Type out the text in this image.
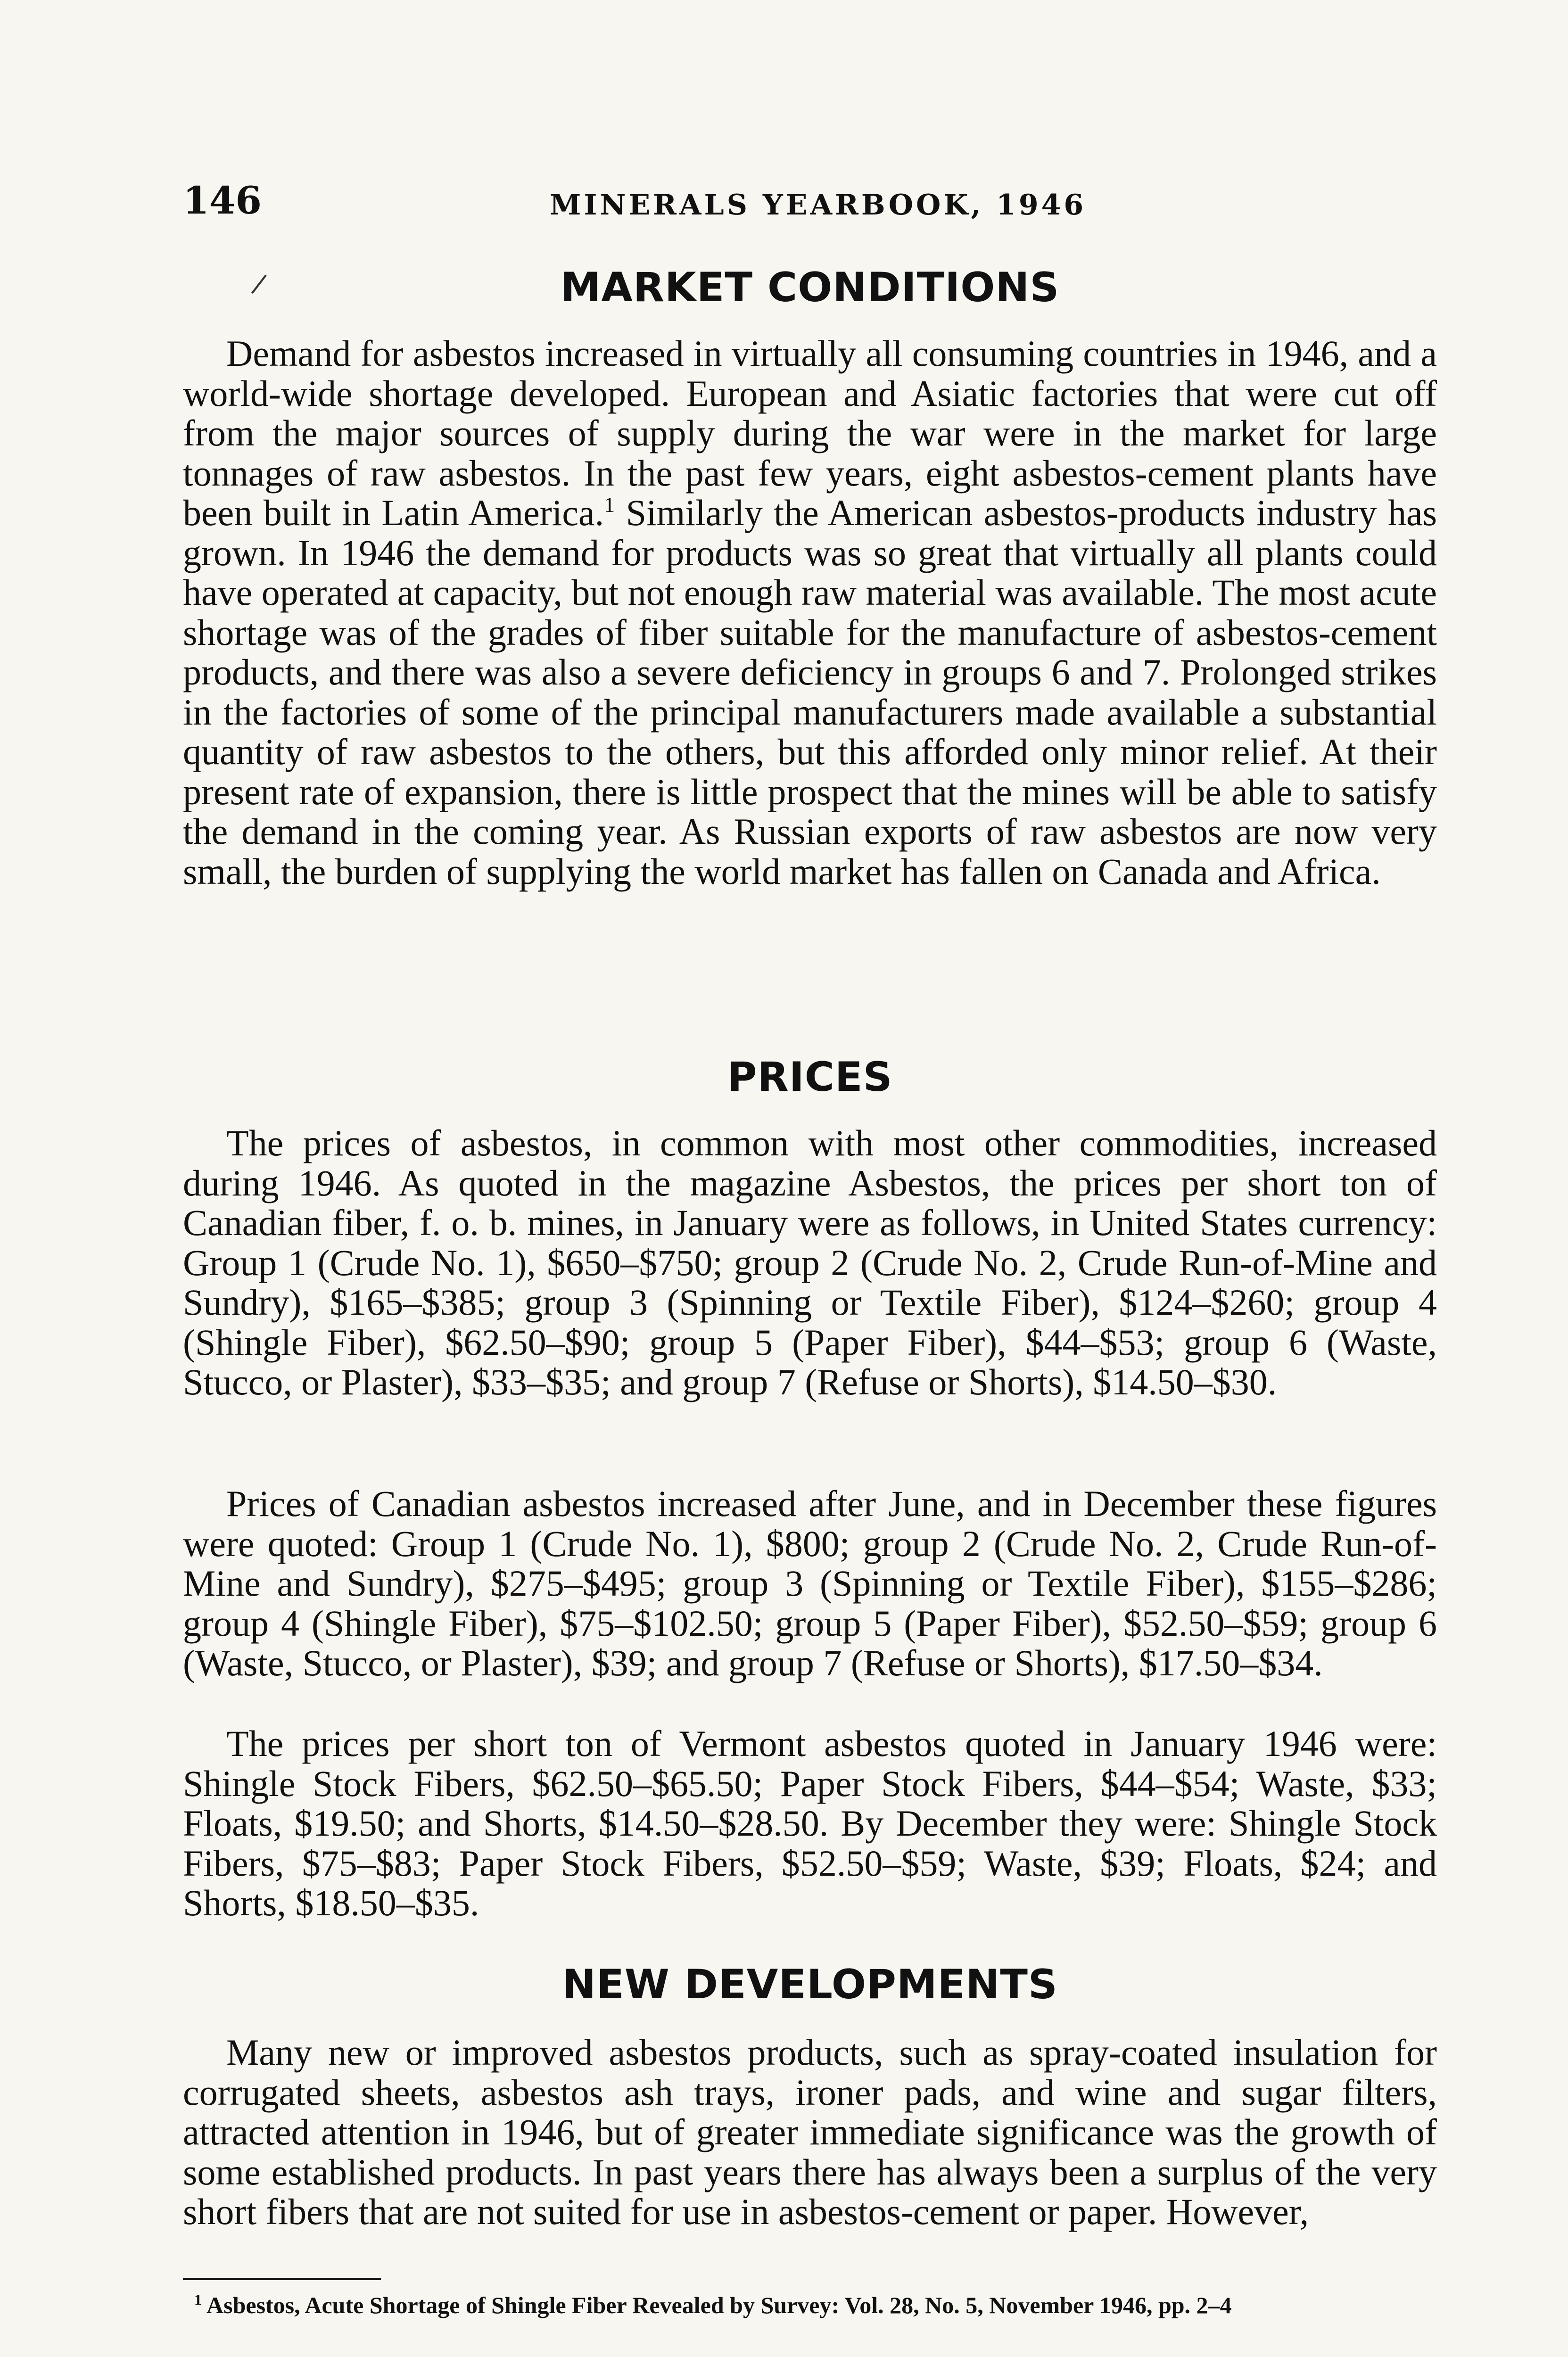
146	MINERALS YEARBOOK, 1946
/	MARKET CONDITIONS

Demand for asbestos increased in virtually all consuming countries in 1946, and a world-wide shortage developed. European and Asiatic factories that were cut off from the major sources of supply during the war were in the market for large tonnages of raw asbestos. In the past few years, eight asbestos-cement plants have been built in Latin America.$^1$ Similarly the American asbestos-products industry has grown. In 1946 the demand for products was so great that virtually all plants could have operated at capacity, but not enough raw material was available. The most acute shortage was of the grades of fiber suitable for the manufacture of asbestos-cement products, and there was also a severe deficiency in groups 6 and 7. Prolonged strikes in the factories of some of the principal manufacturers made available a substantial quantity of raw asbestos to the others, but this afforded only minor relief. At their present rate of expansion, there is little prospect that the mines will be able to satisfy the demand in the coming year. As Russian exports of raw asbestos are now very small, the burden of supplying the world market has fallen on Canada and Africa.

PRICES

The prices of asbestos, in common with most other commodities, increased during 1946. As quoted in the magazine Asbestos, the prices per short ton of Canadian fiber, f. o. b. mines, in January were as follows, in United States currency: Group 1 (Crude No. 1), $650–$750; group 2 (Crude No. 2, Crude Run-of-Mine and Sundry), $165–$385; group 3 (Spinning or Textile Fiber), $124–$260; group 4 (Shingle Fiber), $62.50–$90; group 5 (Paper Fiber), $44–$53; group 6 (Waste, Stucco, or Plaster), $33–$35; and group 7 (Refuse or Shorts), $14.50–$30.

Prices of Canadian asbestos increased after June, and in December these figures were quoted: Group 1 (Crude No. 1), $800; group 2 (Crude No. 2, Crude Run-of-Mine and Sundry), $275–$495; group 3 (Spinning or Textile Fiber), $155–$286; group 4 (Shingle Fiber), $75–$102.50; group 5 (Paper Fiber), $52.50–$59; group 6 (Waste, Stucco, or Plaster), $39; and group 7 (Refuse or Shorts), $17.50–$34.

The prices per short ton of Vermont asbestos quoted in January 1946 were: Shingle Stock Fibers, $62.50–$65.50; Paper Stock Fibers, $44–$54; Waste, $33; Floats, $19.50; and Shorts, $14.50–$28.50. By December they were: Shingle Stock Fibers, $75–$83; Paper Stock Fibers, $52.50–$59; Waste, $39; Floats, $24; and Shorts, $18.50–$35.

NEW DEVELOPMENTS

Many new or improved asbestos products, such as spray-coated insulation for corrugated sheets, asbestos ash trays, ironer pads, and wine and sugar filters, attracted attention in 1946, but of greater immediate significance was the growth of some established products. In past years there has always been a surplus of the very short fibers that are not suited for use in asbestos-cement or paper. However,

$^1$ Asbestos, Acute Shortage of Shingle Fiber Revealed by Survey: Vol. 28, No. 5, November 1946, pp. 2–4
